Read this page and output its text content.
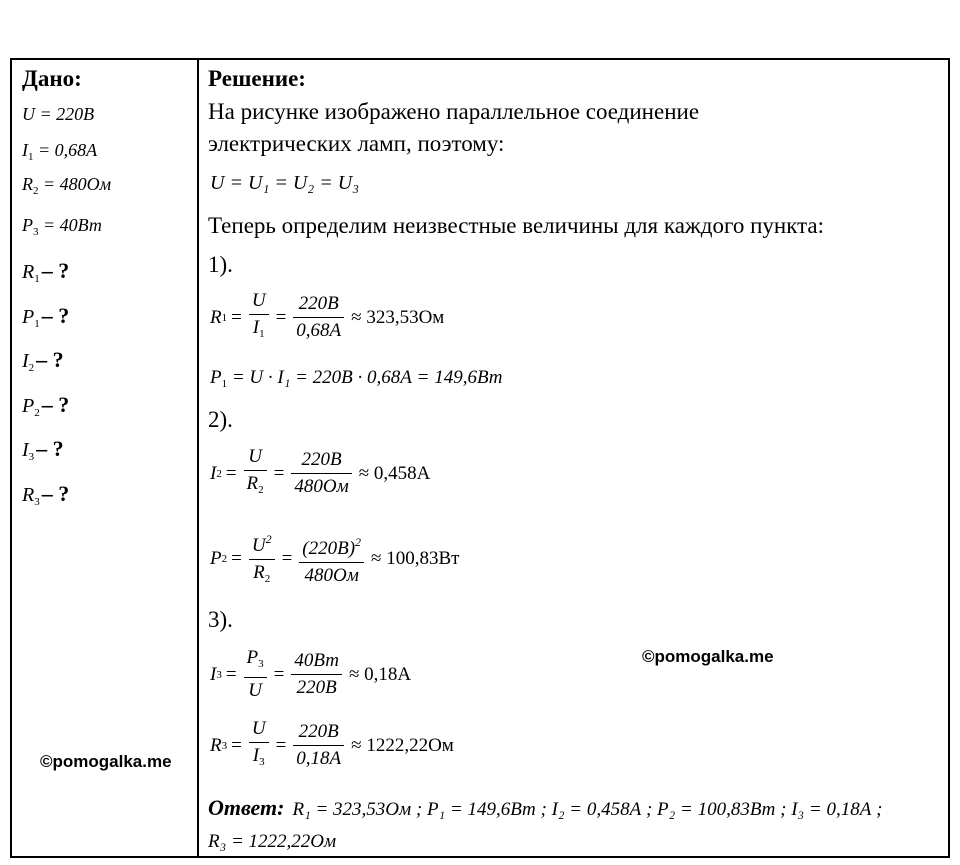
Дано:	Решение:
U = 220В
$I_1 = 0,68А$
$R_2 = 480Ом$
$P_3 = 40Вт$
$R_1-$ ?
$P_1-$ ?
$I_2-$ ?
$P_2-$ ?
$I_3-$ ?
$R_3-$ ?
На рисунке изображено параллельное соединение
электрических ламп, поэтому:
U = U₁ = U₂ = U₃
Теперь определим неизвестные величины для каждого пункта:
1).
R $1 = \frac{U}{I_1} = \frac{220В}{0,68А} \approx 323,53Ом$
$P_1 = U \cdot I_1 = 220В \cdot 0,68А = 149,6Вт$
2).
I $2 = \frac{U}{R_2} = \frac{220В}{480Ом} \approx 0,458А$
P $2 = \frac{U^2}{R_2} = \frac{(220В)^2}{480Ом} \approx 100,83Вт$
3).
I $3 = \frac{P_3}{U} = \frac{40Вт}{220В} \approx 0,18А$
R $3 = \frac{U}{I_3} = \frac{220В}{0,18А} \approx 1222,22Ом$
Ответ: R₁ = 323,53Ом ; P₁ = 149,6Вт ; I₂ = 0,458А ; P₂ = 100,83Вт ; I₃ = 0,18А ;
R₃ = 1222,22Ом
©pomogalka.me
©pomogalka.me
